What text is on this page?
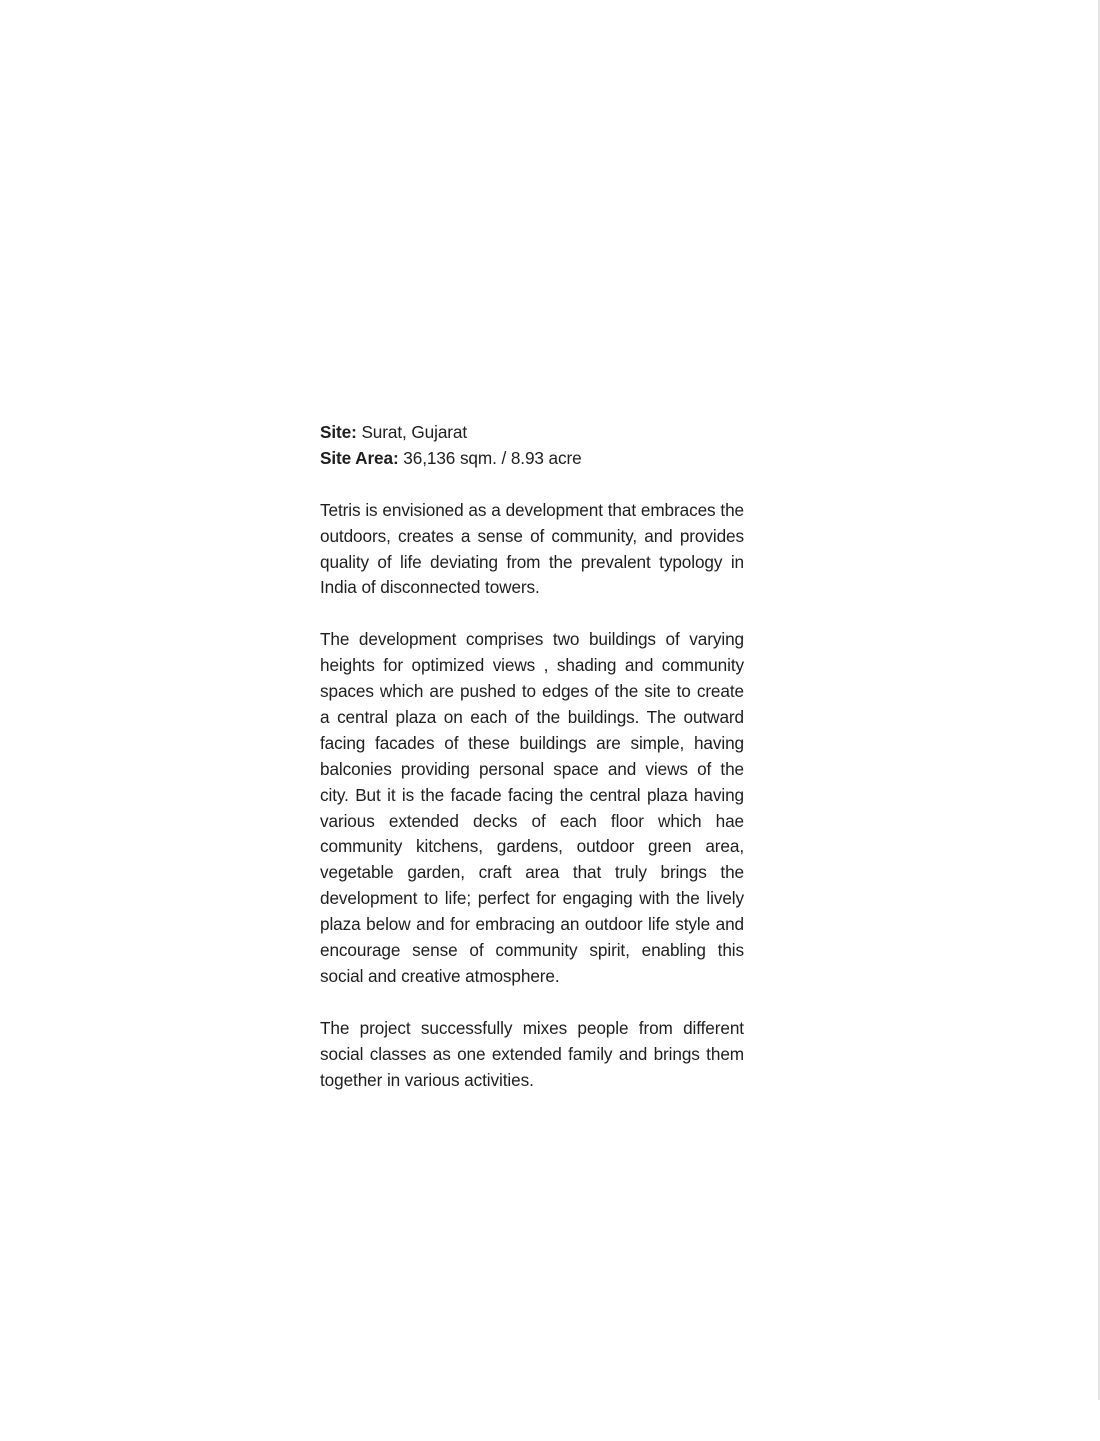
Site: Surat, Gujarat

Site Area: 36,136 sqm. / 8.93 acre

Tetris is envisioned as a development that embraces the outdoors, creates a sense of community, and provides quality of life deviating from the prevalent typology in India of disconnected towers.

The development comprises two buildings of varying heights for optimized views , shading and community spaces which are pushed to edges of the site to create a central plaza on each of the buildings. The outward facing facades of these buildings are simple, having balconies providing personal space and views of the city. But it is the facade facing the central plaza having various extended decks of each floor which hae community kitchens, gardens, outdoor green area, vegetable garden, craft area that truly brings the development to life; perfect for engaging with the lively plaza below and for embracing an outdoor life style and encourage sense of community spirit, enabling this social and creative atmosphere.

The project successfully mixes people from different social classes as one extended family and brings them together in various activities.
